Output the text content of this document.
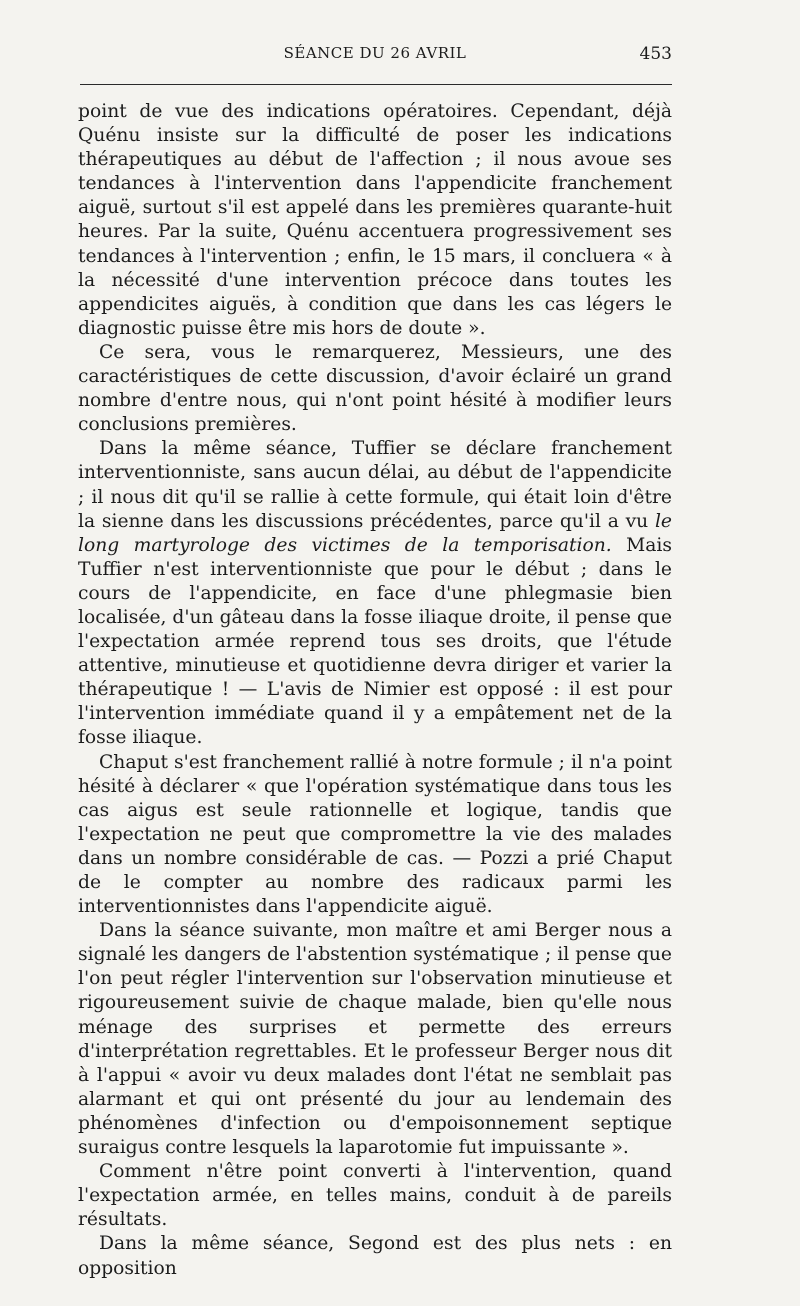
SÉANCE DU 26 AVRIL	453

point de vue des indications opératoires. Cependant, déjà Quénu insiste sur la difficulté de poser les indications thérapeutiques au début de l'affection ; il nous avoue ses tendances à l'intervention dans l'appendicite franchement aiguë, surtout s'il est appelé dans les premières quarante-huit heures. Par la suite, Quénu accentuera progressivement ses tendances à l'intervention ; enfin, le 15 mars, il concluera « à la nécessité d'une intervention précoce dans toutes les appendicites aiguës, à condition que dans les cas légers le diagnostic puisse être mis hors de doute ».

Ce sera, vous le remarquerez, Messieurs, une des caractéristiques de cette discussion, d'avoir éclairé un grand nombre d'entre nous, qui n'ont point hésité à modifier leurs conclusions premières.

Dans la même séance, Tuffier se déclare franchement interventionniste, sans aucun délai, au début de l'appendicite ; il nous dit qu'il se rallie à cette formule, qui était loin d'être la sienne dans les discussions précédentes, parce qu'il a vu le long martyrologe des victimes de la temporisation. Mais Tuffier n'est interventionniste que pour le début ; dans le cours de l'appendicite, en face d'une phlegmasie bien localisée, d'un gâteau dans la fosse iliaque droite, il pense que l'expectation armée reprend tous ses droits, que l'étude attentive, minutieuse et quotidienne devra diriger et varier la thérapeutique ! — L'avis de Nimier est opposé : il est pour l'intervention immédiate quand il y a empâtement net de la fosse iliaque.

Chaput s'est franchement rallié à notre formule ; il n'a point hésité à déclarer « que l'opération systématique dans tous les cas aigus est seule rationnelle et logique, tandis que l'expectation ne peut que compromettre la vie des malades dans un nombre considérable de cas. — Pozzi a prié Chaput de le compter au nombre des radicaux parmi les interventionnistes dans l'appendicite aiguë.

Dans la séance suivante, mon maître et ami Berger nous a signalé les dangers de l'abstention systématique ; il pense que l'on peut régler l'intervention sur l'observation minutieuse et rigoureusement suivie de chaque malade, bien qu'elle nous ménage des surprises et permette des erreurs d'interprétation regrettables. Et le professeur Berger nous dit à l'appui « avoir vu deux malades dont l'état ne semblait pas alarmant et qui ont présenté du jour au lendemain des phénomènes d'infection ou d'empoisonnement septique suraigus contre lesquels la laparotomie fut impuissante ».

Comment n'être point converti à l'intervention, quand l'expectation armée, en telles mains, conduit à de pareils résultats.

Dans la même séance, Segond est des plus nets : en opposition
